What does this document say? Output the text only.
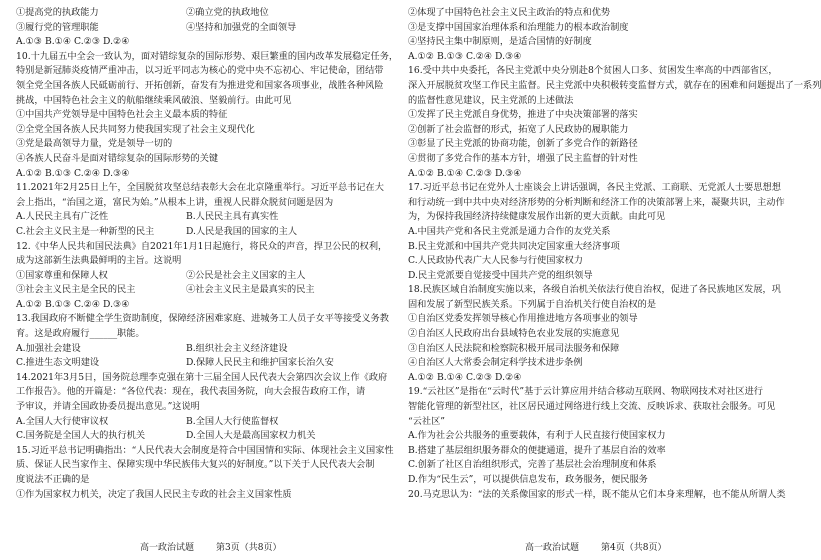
①提高党的执政能力	②确立党的执政地位
③履行党的管理职能	④坚持和加强党的全面领导
A.①③ B.①④ C.②③ D.②④
10.十九届五中全会一致认为，面对错综复杂的国际形势、艰巨繁重的国内改革发展稳定任务，
特别是新冠肺炎疫情严重冲击，以习近平同志为核心的党中央不忘初心、牢记使命，团结带
领全党全国各族人民砥砺前行、开拓创新，奋发有为推进党和国家各项事业，战胜各种风险
挑战，中国特色社会主义的航船继续乘风破浪、坚毅前行。由此可见
①中国共产党领导是中国特色社会主义最本质的特征
②全党全国各族人民共同努力使我国实现了社会主义现代化
③党是最高领导力量，党是领导一切的
④各族人民奋斗是面对错综复杂的国际形势的关键
A.①② B.①③ C.②④ D.③④
11.2021年2月25日上午，全国脱贫攻坚总结表彰大会在北京隆重举行。习近平总书记在大
会上指出，“治国之道，富民为始。”从根本上讲，重视人民群众脱贫问题是因为
A.人民民主具有广泛性	B.人民民主具有真实性
C.社会主义民主是一种新型的民主	D.人民是我国的国家的主人
12.《中华人民共和国民法典》自2021年1月1日起施行，将民众的声音，捍卫公民的权利，
成为这部新生法典最鲜明的主旨。这说明
①国家尊重和保障人权	②公民是社会主义国家的主人
③社会主义民主是全民的民主	④社会主义民主是最真实的民主
A.①② B.①③ C.②④ D.③④
13.我国政府不断健全学生资助制度，保障经济困难家庭、进城务工人员子女平等接受义务教
育。这是政府履行______职能。
A.加强社会建设	B.组织社会主义经济建设
C.推进生态文明建设	D.保障人民民主和维护国家长治久安
14.2021年3月5日，国务院总理李克强在第十三届全国人民代表大会第四次会议上作《政府
工作报告》。他的开篇是：“各位代表：现在，我代表国务院，向大会报告政府工作，请
予审议，并请全国政协委员提出意见。”这说明
A.全国人大行使审议权	B.全国人大行使监督权
C.国务院是全国人大的执行机关	D.全国人大是最高国家权力机关
15.习近平总书记明确指出：“人民代表大会制度是符合中国国情和实际、体现社会主义国家性
质、保证人民当家作主、保障实现中华民族伟大复兴的好制度。”以下关于人民代表大会制
度说法不正确的是
①作为国家权力机关，决定了我国人民民主专政的社会主义国家性质
②体现了中国特色社会主义民主政治的特点和优势
③是支撑中国国家治理体系和治理能力的根本政治制度
④坚持民主集中制原则，是适合国情的好制度
A.①② B.①③ C.②④ D.③④
16.受中共中央委托，各民主党派中央分别赴8个贫困人口多、贫困发生率高的中西部省区，
深入开展脱贫攻坚工作民主监督。民主党派中央积极转变监督方式，就存在的困难和问题提出了一系列
的监督性意见建议，民主党派的上述做法
①发挥了民主党派自身优势，推进了中央决策部署的落实
②创新了社会监督的形式，拓宽了人民政协的履职能力
③彰显了民主党派的协商功能，创新了多党合作的新路径
④贯彻了多党合作的基本方针，增强了民主监督的针对性
A.①② B.①④ C.②③ D.③④
17.习近平总书记在党外人士座谈会上讲话强调，各民主党派、工商联、无党派人士要思想想
和行动统一到中共中央对经济形势的分析判断和经济工作的决策部署上来，凝聚共识，主动作
为，为保持我国经济持续健康发展作出新的更大贡献。由此可见
A.中国共产党和各民主党派是通力合作的友党关系
B.民主党派和中国共产党共同决定国家重大经济事项
C.人民政协代表广大人民参与行使国家权力
D.民主党派要自觉接受中国共产党的组织领导
18.民族区域自治制度实施以来，各级自治机关依法行使自治权，促进了各民族地区发展，巩
固和发展了新型民族关系。下列属于自治机关行使自治权的是
①自治区党委发挥领导核心作用推进地方各项事业的领导
②自治区人民政府出台县域特色农业发展的实施意见
③自治区人民法院和检察院积极开展司法服务和保障
④自治区人大常委会制定科学技术进步条例
A.①② B.①④ C.②③ D.②④
19.“云社区”是指在“云时代”基于云计算应用并结合移动互联网、物联网技术对社区进行
智能化管理的新型社区，社区居民通过网络进行线上交流、反映诉求、获取社会服务。可见
“云社区”
A.作为社会公共服务的重要载体，有利于人民直接行使国家权力
B.搭建了基层组织服务群众的便捷通道，提升了基层自治的效率
C.创新了社区自治组织形式，完善了基层社会治理制度和体系
D.作为“民生云”，可以提供信息发布，政务服务，便民服务
20.马克思认为：“法的关系像国家的形式一样，既不能从它们本身来理解，也不能从所谓人类
高一政治试题 第3页（共8页）	高一政治试题 第4页（共8页）
